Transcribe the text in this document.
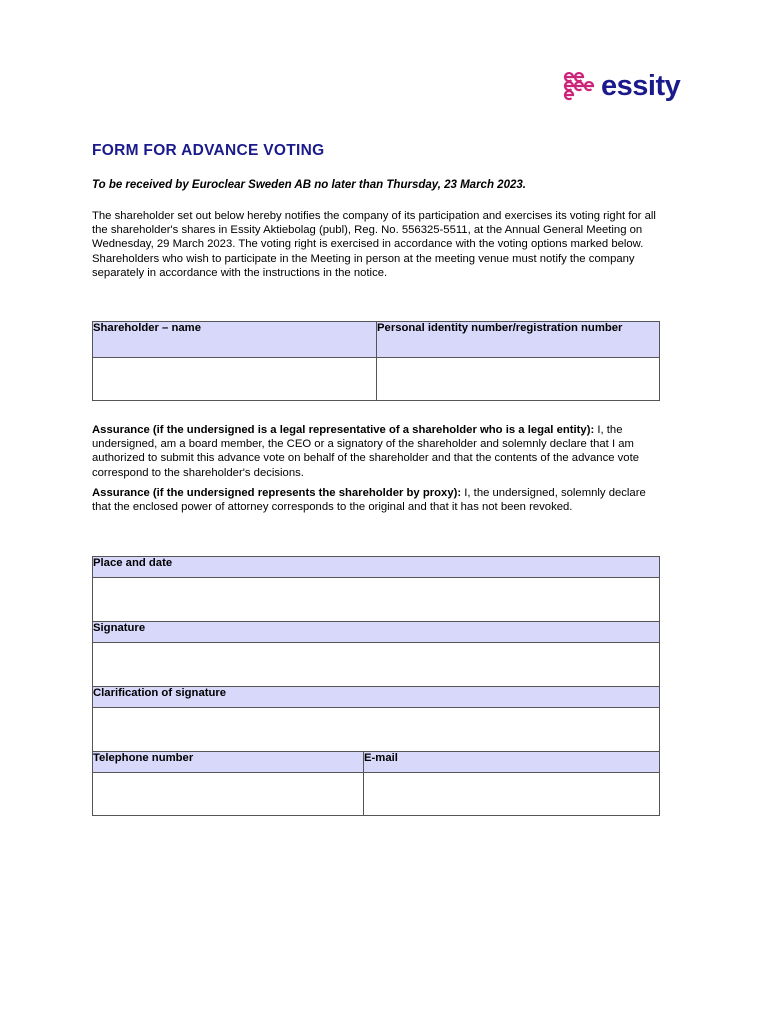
essity
FORM FOR ADVANCE VOTING
To be received by Euroclear Sweden AB no later than Thursday, 23 March 2023.
The shareholder set out below hereby notifies the company of its participation and exercises its voting right for all the shareholder's shares in Essity Aktiebolag (publ), Reg. No. 556325-5511, at the Annual General Meeting on Wednesday, 29 March 2023. The voting right is exercised in accordance with the voting options marked below. Shareholders who wish to participate in the Meeting in person at the meeting venue must notify the company separately in accordance with the instructions in the notice.
Shareholder – name	Personal identity number/registration number

Assurance (if the undersigned is a legal representative of a shareholder who is a legal entity): I, the undersigned, am a board member, the CEO or a signatory of the shareholder and solemnly declare that I am authorized to submit this advance vote on behalf of the shareholder and that the contents of the advance vote correspond to the shareholder's decisions.
Assurance (if the undersigned represents the shareholder by proxy): I, the undersigned, solemnly declare that the enclosed power of attorney corresponds to the original and that it has not been revoked.
Place and date	

Signature	

Clarification of signature	

Telephone number	E-mail
